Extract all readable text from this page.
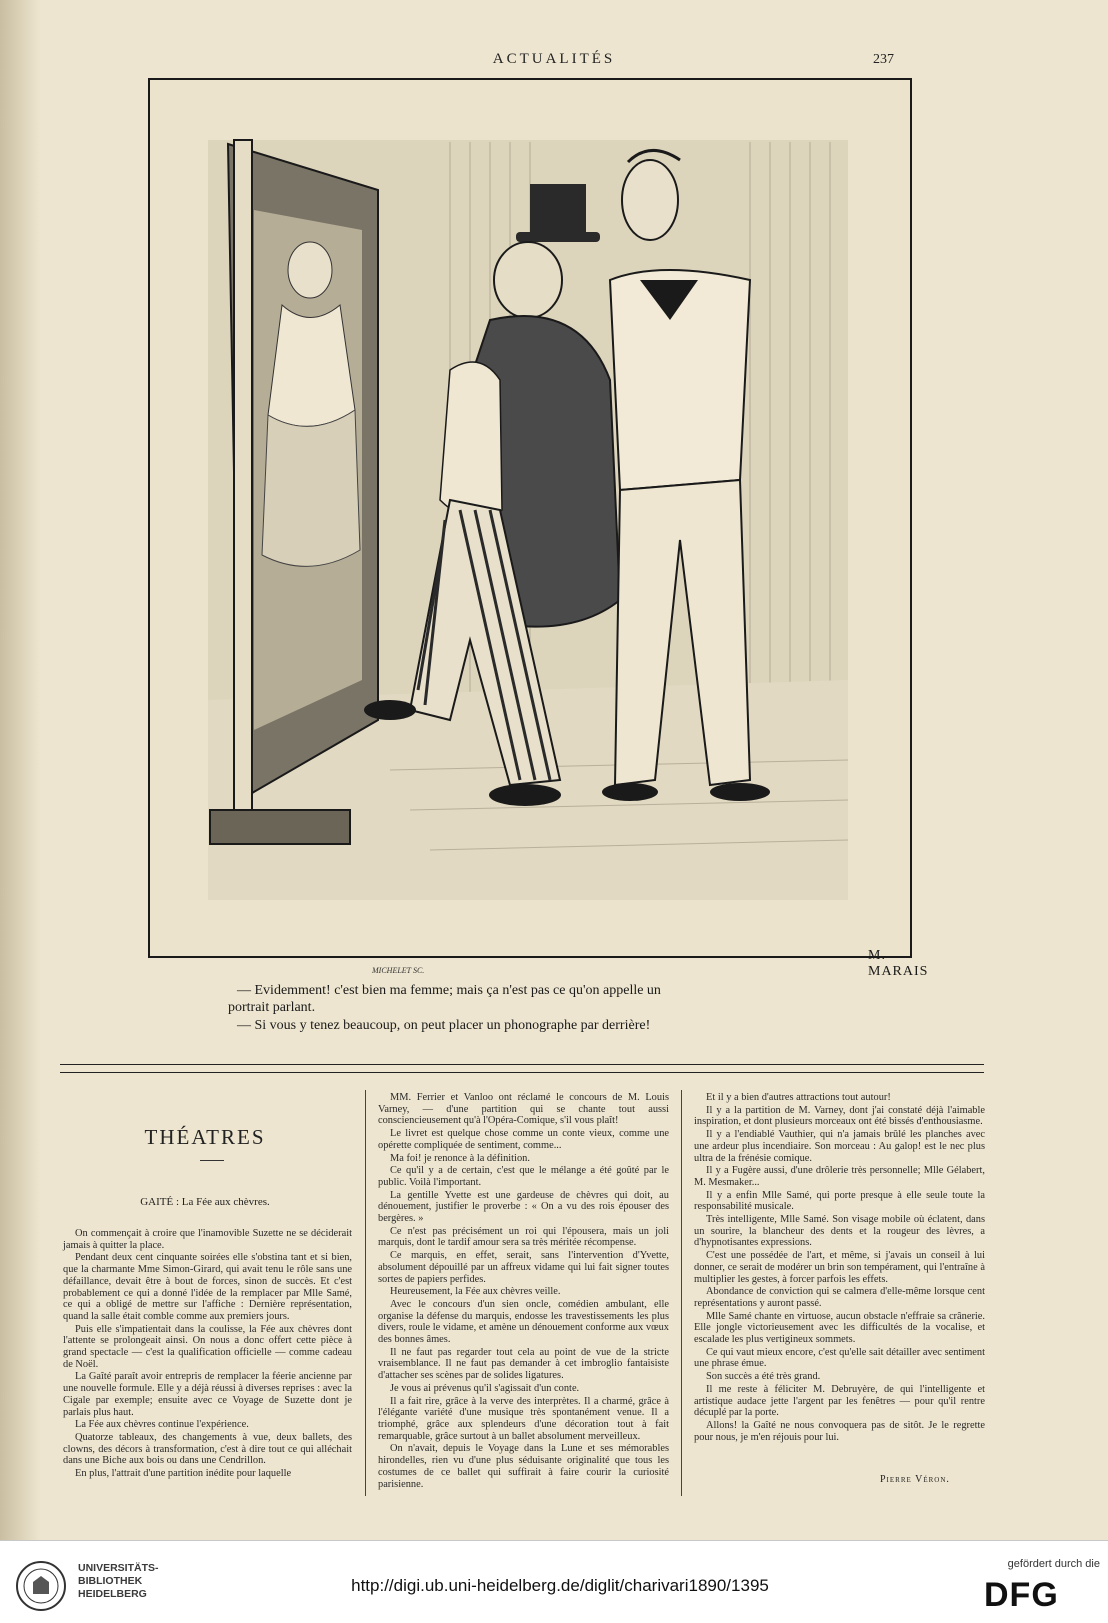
ACTUALITÉS	237
M. MARAIS
MICHELET SC.
— Evidemment! c'est bien ma femme; mais ça n'est pas ce qu'on appelle un
portrait parlant.
— Si vous y tenez beaucoup, on peut placer un phonographe par derrière!
THÉATRES
GAITÉ : La Fée aux chèvres.

On commençait à croire que l'inamovible Suzette ne se déciderait jamais à quitter la place.

Pendant deux cent cinquante soirées elle s'obstina tant et si bien, que la charmante Mme Simon-Girard, qui avait tenu le rôle sans une défaillance, devait être à bout de forces, sinon de succès. Et c'est probablement ce qui a donné l'idée de la remplacer par Mlle Samé, ce qui a obligé de mettre sur l'affiche : Dernière représentation, quand la salle était comble comme aux premiers jours.

Puis elle s'impatientait dans la coulisse, la Fée aux chèvres dont l'attente se prolongeait ainsi. On nous a donc offert cette pièce à grand spectacle — c'est la qualification officielle — comme cadeau de Noël.

La Gaîté paraît avoir entrepris de remplacer la féerie ancienne par une nouvelle formule. Elle y a déjà réussi à diverses reprises : avec la Cigale par exemple; ensuite avec ce Voyage de Suzette dont je parlais plus haut.

La Fée aux chèvres continue l'expérience.

Quatorze tableaux, des changements à vue, deux ballets, des clowns, des décors à transformation, c'est à dire tout ce qui alléchait dans une Biche aux bois ou dans une Cendrillon.

En plus, l'attrait d'une partition inédite pour laquelle

MM. Ferrier et Vanloo ont réclamé le concours de M. Louis Varney, — d'une partition qui se chante tout aussi consciencieusement qu'à l'Opéra-Comique, s'il vous plaît!

Le livret est quelque chose comme un conte vieux, comme une opérette compliquée de sentiment, comme...

Ma foi! je renonce à la définition.

Ce qu'il y a de certain, c'est que le mélange a été goûté par le public. Voilà l'important.

La gentille Yvette est une gardeuse de chèvres qui doit, au dénouement, justifier le proverbe : « On a vu des rois épouser des bergères. »

Ce n'est pas précisément un roi qui l'épousera, mais un joli marquis, dont le tardif amour sera sa très méritée récompense.

Ce marquis, en effet, serait, sans l'intervention d'Yvette, absolument dépouillé par un affreux vidame qui lui fait signer toutes sortes de papiers perfides.

Heureusement, la Fée aux chèvres veille.

Avec le concours d'un sien oncle, comédien ambulant, elle organise la défense du marquis, endosse les travestissements les plus divers, roule le vidame, et amène un dénouement conforme aux vœux des bonnes âmes.

Il ne faut pas regarder tout cela au point de vue de la stricte vraisemblance. Il ne faut pas demander à cet imbroglio fantaisiste d'attacher ses scènes par de solides ligatures.

Je vous ai prévenus qu'il s'agissait d'un conte.

Il a fait rire, grâce à la verve des interprètes. Il a charmé, grâce à l'élégante variété d'une musique très spontanément venue. Il a triomphé, grâce aux splendeurs d'une décoration tout à fait remarquable, grâce surtout à un ballet absolument merveilleux.

On n'avait, depuis le Voyage dans la Lune et ses mémorables hirondelles, rien vu d'une plus séduisante originalité que tous les costumes de ce ballet qui suffirait à faire courir la curiosité parisienne.

Et il y a bien d'autres attractions tout autour!

Il y a la partition de M. Varney, dont j'ai constaté déjà l'aimable inspiration, et dont plusieurs morceaux ont été bissés d'enthousiasme.

Il y a l'endiablé Vauthier, qui n'a jamais brûlé les planches avec une ardeur plus incendiaire. Son morceau : Au galop! est le nec plus ultra de la frénésie comique.

Il y a Fugère aussi, d'une drôlerie très personnelle; Mlle Gélabert, M. Mesmaker...

Il y a enfin Mlle Samé, qui porte presque à elle seule toute la responsabilité musicale.

Très intelligente, Mlle Samé. Son visage mobile où éclatent, dans un sourire, la blancheur des dents et la rougeur des lèvres, a d'hypnotisantes expressions.

C'est une possédée de l'art, et même, si j'avais un conseil à lui donner, ce serait de modérer un brin son tempérament, qui l'entraîne à multiplier les gestes, à forcer parfois les effets.

Abondance de conviction qui se calmera d'elle-même lorsque cent représentations y auront passé.

Mlle Samé chante en virtuose, aucun obstacle n'effraie sa crânerie. Elle jongle victorieusement avec les difficultés de la vocalise, et escalade les plus vertigineux sommets.

Ce qui vaut mieux encore, c'est qu'elle sait détailler avec sentiment une phrase émue.

Son succès a été très grand.

Il me reste à féliciter M. Debruyère, de qui l'intelligente et artistique audace jette l'argent par les fenêtres — pour qu'il rentre décuplé par la porte.

Allons! la Gaîté ne nous convoquera pas de sitôt. Je le regrette pour nous, je m'en réjouis pour lui.

Pierre Véron.
UNIVERSITÄTS-
BIBLIOTHEK
HEIDELBERG	http://digi.ub.uni-heidelberg.de/diglit/charivari1890/1395
gefördert durch die
DFG
